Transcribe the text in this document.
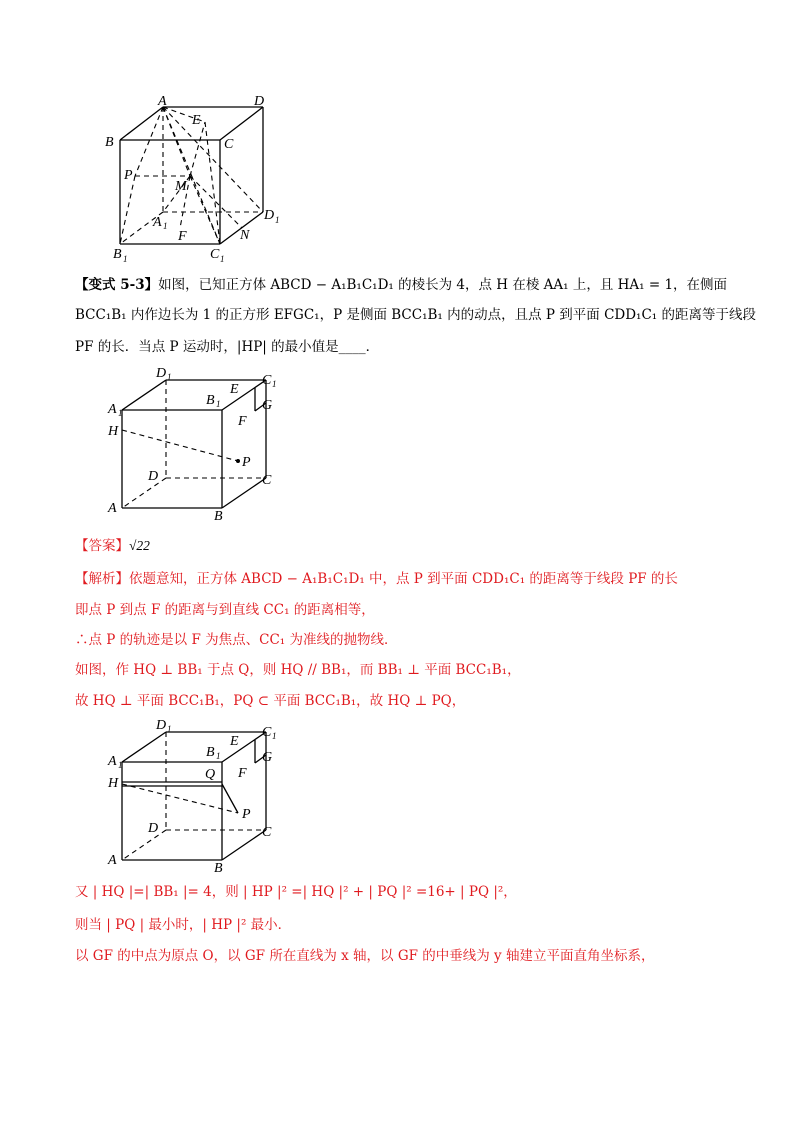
A	D
E
B	C
P
M
D 1
A 1
F	N
B 1	C 1
【变式 5-3】如图，已知正方体 ABCD − A₁B₁C₁D₁ 的棱长为 4，点 H 在棱 AA₁ 上，且 HA₁ = 1，在侧面
BCC₁B₁ 内作边长为 1 的正方形 EFGC₁，P 是侧面 BCC₁B₁ 内的动点，且点 P 到平面 CDD₁C₁ 的距离等于线段
PF 的长．当点 P 运动时，|HP| 的最小值是____．
D 1	C 1
E
A 1
B 1	G
F
H
P
D	C
A
B
【答案】√22
【解析】依题意知，正方体 ABCD − A₁B₁C₁D₁ 中，点 P 到平面 CDD₁C₁ 的距离等于线段 PF 的长
即点 P 到点 F 的距离与到直线 CC₁ 的距离相等，
∴点 P 的轨迹是以 F 为焦点、CC₁ 为准线的抛物线．
如图，作 HQ ⊥ BB₁ 于点 Q，则 HQ // BB₁，而 BB₁ ⊥ 平面 BCC₁B₁，
故 HQ ⊥ 平面 BCC₁B₁，PQ ⊂ 平面 BCC₁B₁，故 HQ ⊥ PQ，
D 1	C 1
E
A 1
B 1	G
Q F
H
P
D	C
A
B
又 | HQ |=| BB₁ |= 4，则 | HP |² =| HQ |² + | PQ |² =16+ | PQ |²，
则当 | PQ | 最小时，| HP |² 最小．
以 GF 的中点为原点 O，以 GF 所在直线为 x 轴，以 GF 的中垂线为 y 轴建立平面直角坐标系，
